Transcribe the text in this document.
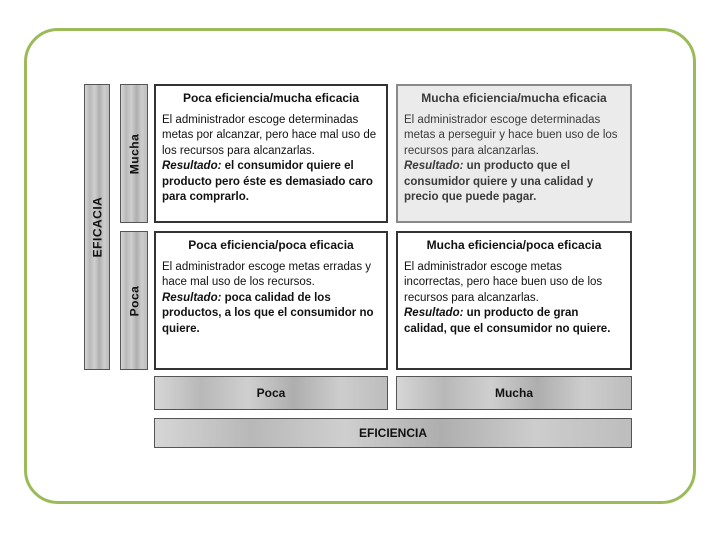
EFICACIA
Mucha
Poca
Poca eficiencia/mucha eficacia

El administrador escoge determinadas metas por alcanzar, pero hace mal uso de los recursos para alcanzarlas.

Resultado: el consumidor quiere el producto pero éste es demasiado caro para comprarlo.

Mucha eficiencia/mucha eficacia

El administrador escoge determinadas metas a perseguir y hace buen uso de los recursos para alcanzarlas.

Resultado: un producto que el consumidor quiere y una calidad y precio que puede pagar.

Poca eficiencia/poca eficacia

El administrador escoge metas erradas y hace mal uso de los recursos.

Resultado: poca calidad de los productos, a los que el consumidor no quiere.

Mucha eficiencia/poca eficacia

El administrador escoge metas incorrectas, pero hace buen uso de los recursos para alcanzarlas.

Resultado: un producto de gran calidad, que el consumidor no quiere.

Poca	Mucha
EFICIENCIA
